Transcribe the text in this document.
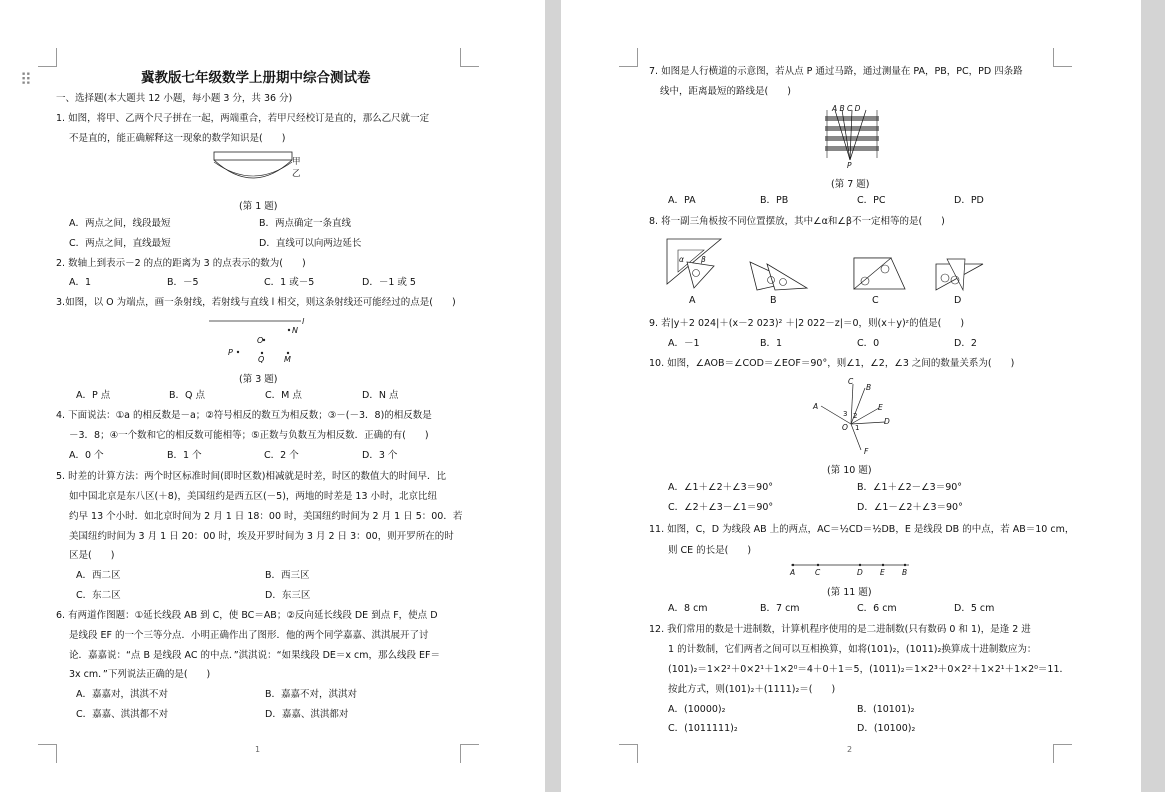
⠿	冀教版七年级数学上册期中综合测试卷
一、选择题(本大题共 12 小题，每小题 3 分，共 36 分)
1. 如图，将甲、乙两个尺子拼在一起，两端重合，若甲尺经校订是直的，那么乙尺就一定
不是直的，能正确解释这一现象的数学知识是(　　)
甲
乙
(第 1 题)
A．两点之间，线段最短	B．两点确定一条直线
C．两点之间，直线最短	D．直线可以向两边延长
2. 数轴上到表示－2 的点的距离为 3 的点表示的数为(　　)
A．1	B．－5	C．1 或－5	D．－1 或 5
3.如图，以 O 为端点，画一条射线，若射线与直线 l 相交，则这条射线还可能经过的点是(　　)
l
N
O
P
Q M
(第 3 题)
A．P 点	B．Q 点	C．M 点	D．N 点
4. 下面说法：①a 的相反数是－a；②符号相反的数互为相反数；③－(－3．8)的相反数是
－3．8；④一个数和它的相反数可能相等；⑤正数与负数互为相反数．正确的有(　　)
A．0 个	B．1 个	C．2 个	D．3 个
5. 时差的计算方法：两个时区标准时间(即时区数)相减就是时差，时区的数值大的时间早．比
如中国北京是东八区(＋8)，美国纽约是西五区(－5)，两地的时差是 13 小时，北京比纽
约早 13 个小时．如北京时间为 2 月 1 日 18：00 时，美国纽约时间为 2 月 1 日 5：00．若
美国纽约时间为 3 月 1 日 20：00 时，埃及开罗时间为 3 月 2 日 3：00，则开罗所在的时
区是(　　)
A．西二区	B．西三区
C．东二区	D．东三区
6. 有两道作图题：①延长线段 AB 到 C，使 BC＝AB；②反向延长线段 DE 到点 F，使点 D
是线段 EF 的一个三等分点．小明正确作出了图形．他的两个同学嘉嘉、淇淇展开了讨
论．嘉嘉说：“点 B 是线段 AC 的中点．”淇淇说：“如果线段 DE＝x cm，那么线段 EF＝
3x cm．”下列说法正确的是(　　)
A．嘉嘉对，淇淇不对	B．嘉嘉不对，淇淇对
C．嘉嘉、淇淇都不对	D．嘉嘉、淇淇都对
1
7. 如图是人行横道的示意图，若从点 P 通过马路，通过测量在 PA，PB，PC，PD 四条路
线中，距离最短的路线是(　　)
A B C D
P
(第 7 题)
A．PA	B．PB	C．PC	D．PD
8. 将一副三角板按不同位置摆放，其中∠α和∠β不一定相等的是(　　)
α β
A	B	C	D
9. 若|y＋2 024|＋(x－2 023)² ＋|2 022－z|＝0，则(x＋y)ᶻ的值是(　　)
A．－1	B．1	C．0	D．2
10. 如图，∠AOB＝∠COD＝∠EOF＝90°，则∠1，∠2，∠3 之间的数量关系为(　　)
C
B
A	E
D
3 2
O 1
F
(第 10 题)
A．∠1＋∠2＋∠3＝90°	B．∠1＋∠2－∠3＝90°
C．∠2＋∠3－∠1＝90°	D．∠1－∠2＋∠3＝90°
11. 如图，C，D 为线段 AB 上的两点，AC＝½CD＝½DB，E 是线段 DB 的中点，若 AB＝10 cm，
则 CE 的长是(　　)
A	C	D E B
(第 11 题)
A．8 cm	B．7 cm	C．6 cm	D．5 cm
12. 我们常用的数是十进制数，计算机程序使用的是二进制数(只有数码 0 和 1)，是逢 2 进
1 的计数制，它们两者之间可以互相换算，如将(101)₂，(1011)₂换算成十进制数应为：
(101)₂＝1×2²＋0×2¹＋1×2⁰＝4＋0＋1＝5，(1011)₂＝1×2³＋0×2²＋1×2¹＋1×2⁰＝11．
按此方式，则(101)₂＋(1111)₂＝(　　)
A．(10000)₂	B．(10101)₂
C．(1011111)₂	D．(10100)₂
2
